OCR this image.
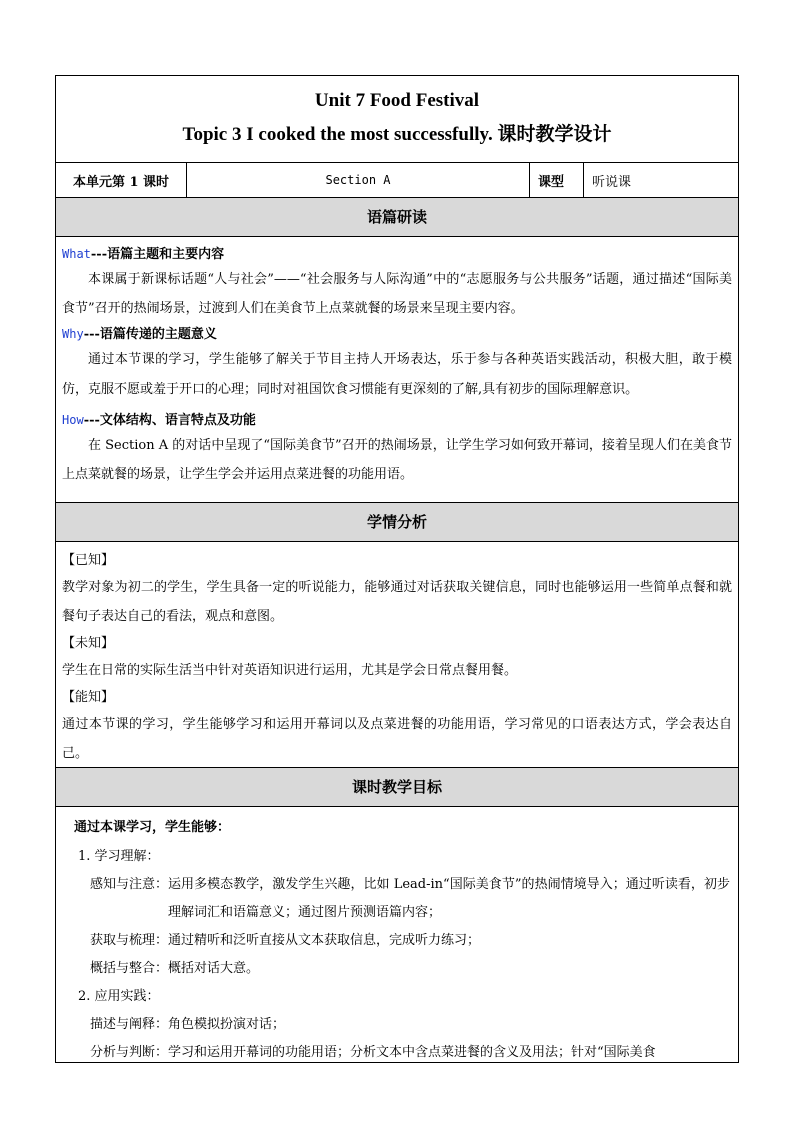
Unit 7 Food Festival
Topic 3 I cooked the most successfully. 课时教学设计
本单元第 1 课时	Section A	课型	听说课
语篇研读
What---语篇主题和主要内容

本课属于新课标话题“人与社会”——“社会服务与人际沟通”中的“志愿服务与公共服务”话题，通过描述“国际美食节”召开的热闹场景，过渡到人们在美食节上点菜就餐的场景来呈现主要内容。

Why---语篇传递的主题意义

通过本节课的学习，学生能够了解关于节目主持人开场表达，乐于参与各种英语实践活动，积极大胆，敢于模仿，克服不愿或羞于开口的心理；同时对祖国饮食习惯能有更深刻的了解,具有初步的国际理解意识。

How---文体结构、语言特点及功能

在 Section A 的对话中呈现了“国际美食节”召开的热闹场景，让学生学习如何致开幕词，接着呈现人们在美食节上点菜就餐的场景，让学生学会并运用点菜进餐的功能用语。

学情分析
【已知】

教学对象为初二的学生，学生具备一定的听说能力，能够通过对话获取关键信息，同时也能够运用一些简单点餐和就餐句子表达自己的看法，观点和意图。

【未知】

学生在日常的实际生活当中针对英语知识进行运用，尤其是学会日常点餐用餐。

【能知】

通过本节课的学习，学生能够学习和运用开幕词以及点菜进餐的功能用语，学习常见的口语表达方式，学会表达自己。

课时教学目标
通过本课学习，学生能够：
1. 学习理解：
感知与注意： 运用多模态教学，激发学生兴趣，比如 Lead-in“国际美食节”的热闹情境导入；通过听读看，初步理解词汇和语篇意义；通过图片预测语篇内容；
获取与梳理： 通过精听和泛听直接从文本获取信息，完成听力练习；
概括与整合： 概括对话大意。
2. 应用实践：
描述与阐释： 角色模拟扮演对话；
分析与判断： 学习和运用开幕词的功能用语；分析文本中含点菜进餐的含义及用法；针对“国际美食
